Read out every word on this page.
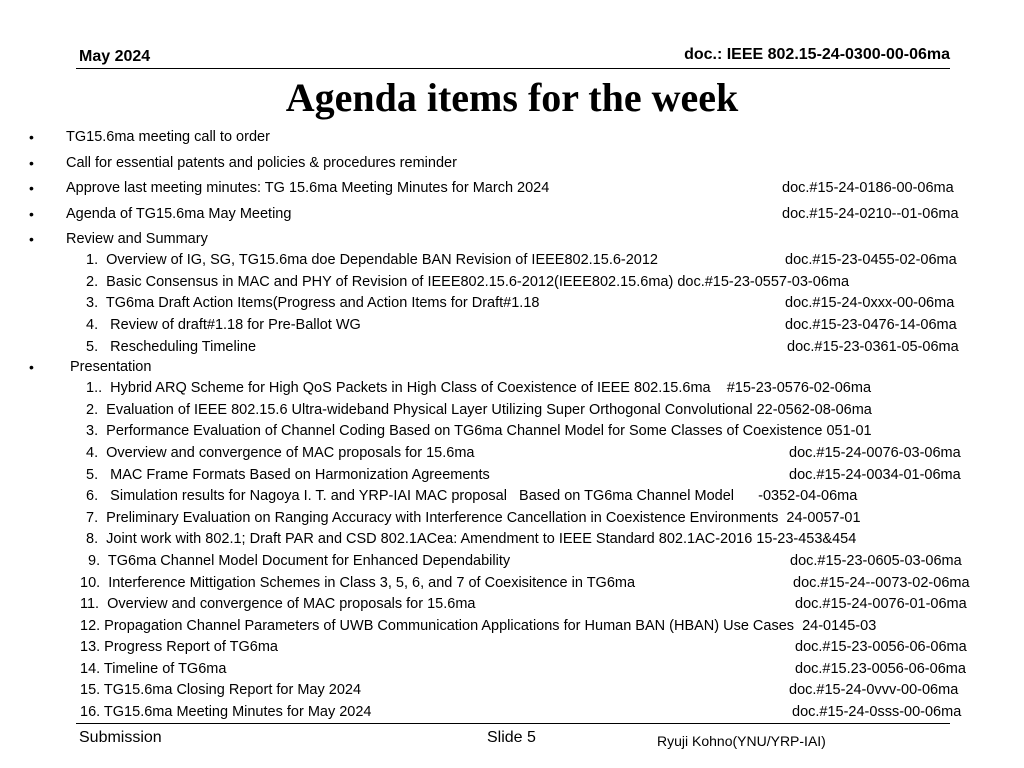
May 2024	doc.: IEEE 802.15-24-0300-00-06ma
Agenda items for the week
• TG15.6ma meeting call to order
• Call for essential patents and policies & procedures reminder
• Approve last meeting minutes: TG 15.6ma Meeting Minutes for March 2024	doc.#15-24-0186-00-06ma
• Agenda of TG15.6ma May Meeting	doc.#15-24-0210--01-06ma
• Review and Summary
1.  Overview of IG, SG, TG15.6ma doe Dependable BAN Revision of IEEE802.15.6-2012	doc.#15-23-0455-02-06ma
2.  Basic Consensus in MAC and PHY of Revision of IEEE802.15.6-2012(IEEE802.15.6ma) doc.#15-23-0557-03-06ma
3.  TG6ma Draft Action Items(Progress and Action Items for Draft#1.18	doc.#15-24-0xxx-00-06ma
4.   Review of draft#1.18 for Pre-Ballot WG	doc.#15-23-0476-14-06ma
5.   Rescheduling Timeline	doc.#15-23-0361-05-06ma
• Presentation
1..  Hybrid ARQ Scheme for High QoS Packets in High Class of Coexistence of IEEE 802.15.6ma    #15-23-0576-02-06ma
2.  Evaluation of IEEE 802.15.6 Ultra-wideband Physical Layer Utilizing Super Orthogonal Convolutional 22-0562-08-06ma
3.  Performance Evaluation of Channel Coding Based on TG6ma Channel Model for Some Classes of Coexistence 051-01
4.  Overview and convergence of MAC proposals for 15.6ma	doc.#15-24-0076-03-06ma
5.   MAC Frame Formats Based on Harmonization Agreements	doc.#15-24-0034-01-06ma
6.   Simulation results for Nagoya I. T. and YRP-IAI MAC proposal   Based on TG6ma Channel Model      -0352-04-06ma
7.  Preliminary Evaluation on Ranging Accuracy with Interference Cancellation in Coexistence Environments  24-0057-01
8.  Joint work with 802.1; Draft PAR and CSD 802.1ACea: Amendment to IEEE Standard 802.1AC-2016 15-23-453&454
9.  TG6ma Channel Model Document for Enhanced Dependability	doc.#15-23-0605-03-06ma
10.  Interference Mittigation Schemes in Class 3, 5, 6, and 7 of Coexisitence in TG6ma	doc.#15-24--0073-02-06ma
11.  Overview and convergence of MAC proposals for 15.6ma	doc.#15-24-0076-01-06ma
12. Propagation Channel Parameters of UWB Communication Applications for Human BAN (HBAN) Use Cases  24-0145-03
13. Progress Report of TG6ma	doc.#15-23-0056-06-06ma
14. Timeline of TG6ma	doc.#15.23-0056-06-06ma
15. TG15.6ma Closing Report for May 2024	doc.#15-24-0vvv-00-06ma
16. TG15.6ma Meeting Minutes for May 2024	doc.#15-24-0sss-00-06ma
Submission	Slide 5	Ryuji Kohno(YNU/YRP-IAI)
